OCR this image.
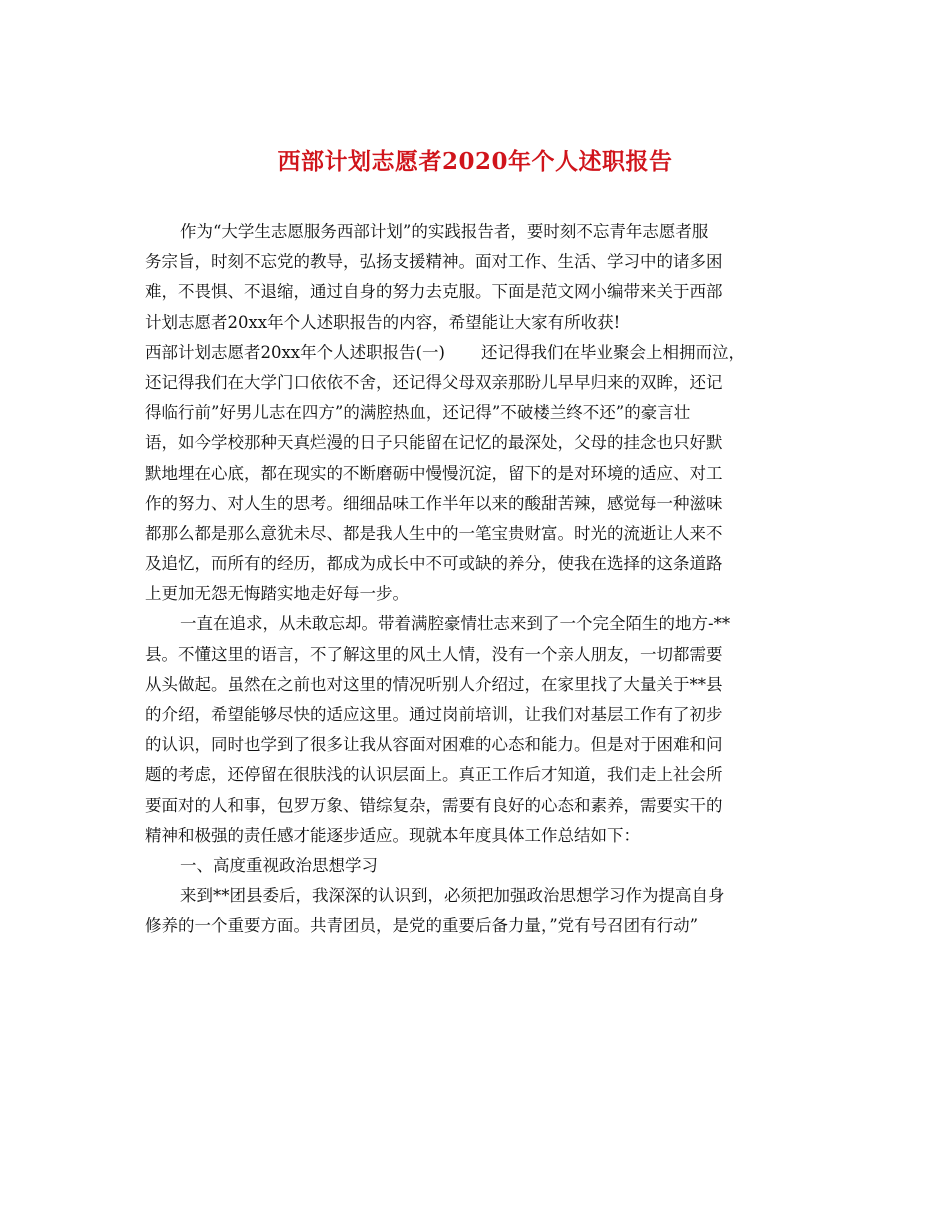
西部计划志愿者2020年个人述职报告
作为“大学生志愿服务西部计划”的实践报告者，要时刻不忘青年志愿者服
务宗旨，时刻不忘党的教导，弘扬支援精神。面对工作、生活、学习中的诸多困
难，不畏惧、不退缩，通过自身的努力去克服。下面是范文网小编带来关于西部
计划志愿者20xx年个人述职报告的内容，希望能让大家有所收获!
西部计划志愿者20xx年个人述职报告(一) 还记得我们在毕业聚会上相拥而泣，
还记得我们在大学门口依依不舍，还记得父母双亲那盼儿早早归来的双眸，还记
得临行前”好男儿志在四方”的满腔热血，还记得”不破楼兰终不还”的豪言壮
语，如今学校那种天真烂漫的日子只能留在记忆的最深处，父母的挂念也只好默
默地埋在心底，都在现实的不断磨砺中慢慢沉淀，留下的是对环境的适应、对工
作的努力、对人生的思考。细细品味工作半年以来的酸甜苦辣，感觉每一种滋味
都那么都是那么意犹未尽、都是我人生中的一笔宝贵财富。时光的流逝让人来不
及追忆，而所有的经历，都成为成长中不可或缺的养分，使我在选择的这条道路
上更加无怨无悔踏实地走好每一步。
一直在追求，从未敢忘却。带着满腔豪情壮志来到了一个完全陌生的地方-**
县。不懂这里的语言，不了解这里的风土人情，没有一个亲人朋友，一切都需要
从头做起。虽然在之前也对这里的情况听别人介绍过，在家里找了大量关于**县
的介绍，希望能够尽快的适应这里。通过岗前培训，让我们对基层工作有了初步
的认识，同时也学到了很多让我从容面对困难的心态和能力。但是对于困难和问
题的考虑，还停留在很肤浅的认识层面上。真正工作后才知道，我们走上社会所
要面对的人和事，包罗万象、错综复杂，需要有良好的心态和素养，需要实干的
精神和极强的责任感才能逐步适应。现就本年度具体工作总结如下：
一、高度重视政治思想学习
来到**团县委后，我深深的认识到，必须把加强政治思想学习作为提高自身
修养的一个重要方面。共青团员，是党的重要后备力量，”党有号召团有行动”
